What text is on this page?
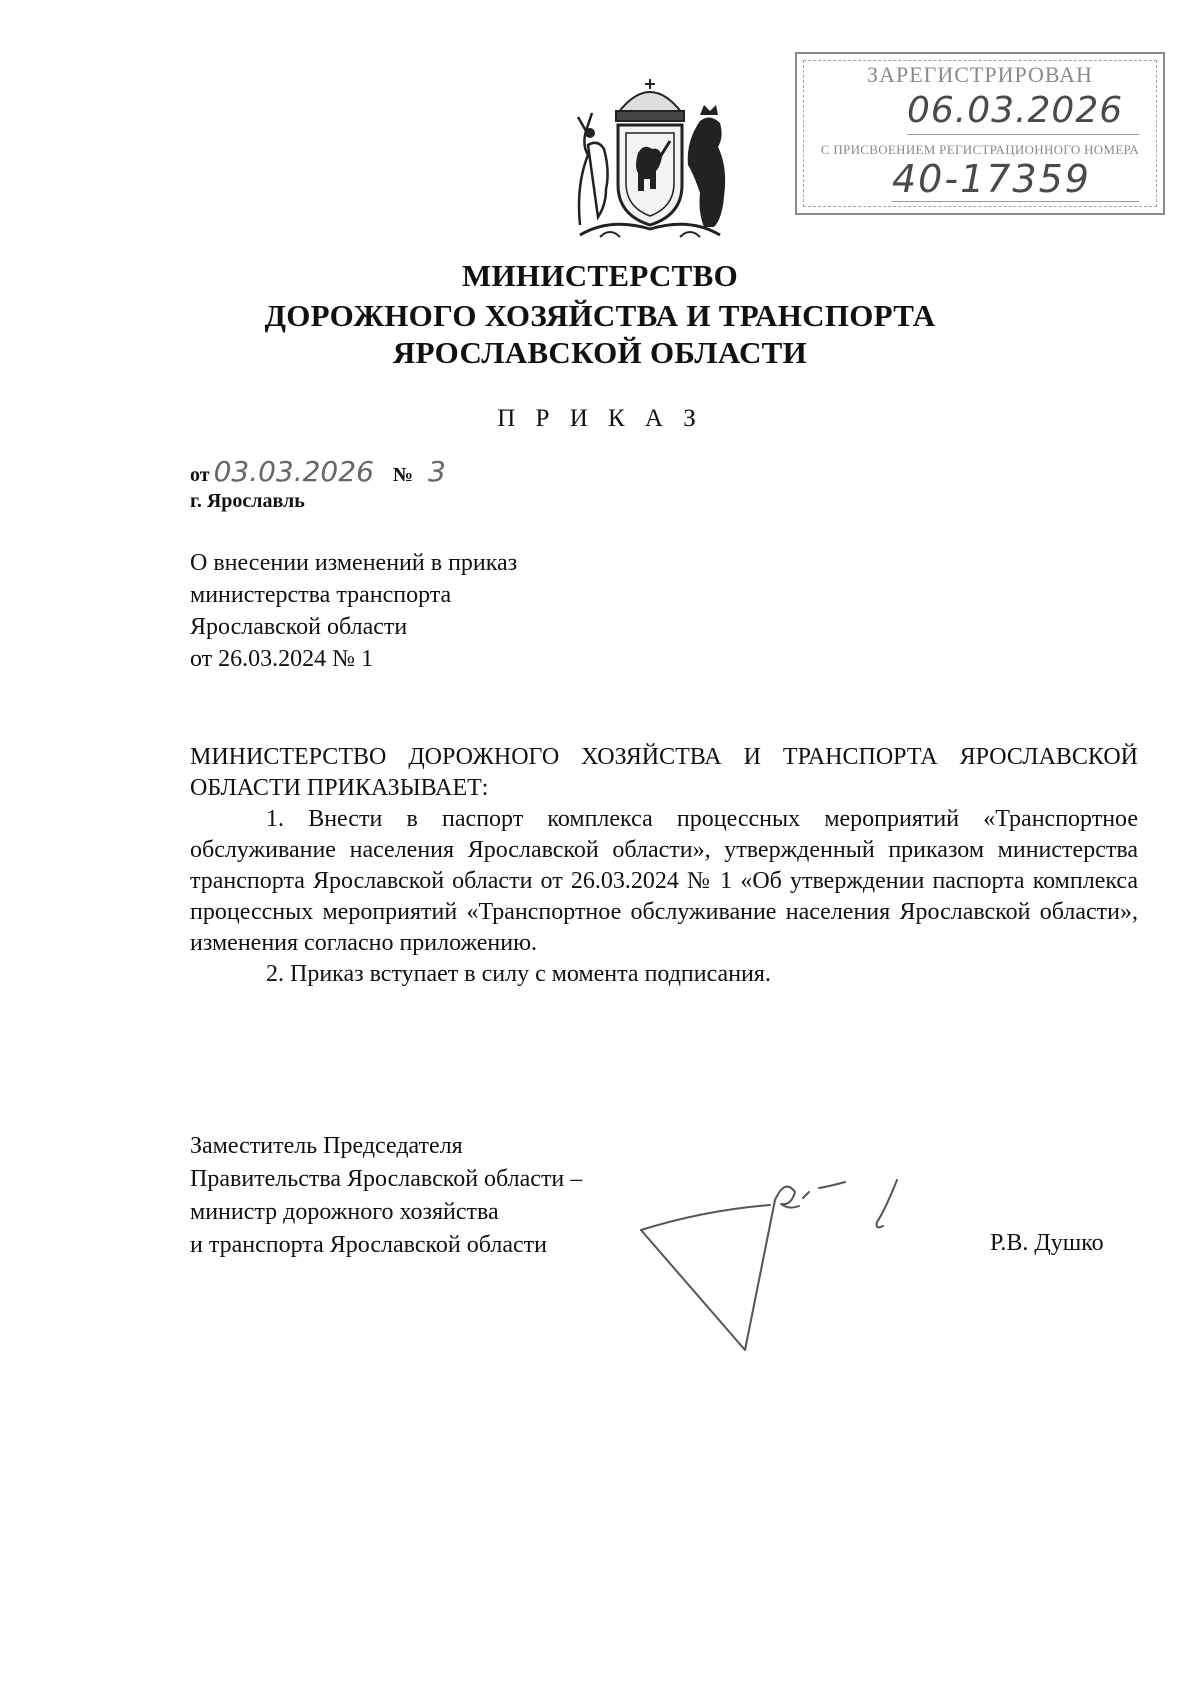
ЗАРЕГИСТРИРОВАН
06.03.2026
С ПРИСВОЕНИЕМ РЕГИСТРАЦИОННОГО НОМЕРА
40-17359
МИНИСТЕРСТВО
ДОРОЖНОГО ХОЗЯЙСТВА И ТРАНСПОРТА
ЯРОСЛАВСКОЙ ОБЛАСТИ
П Р И К А З
от 03.03.2026 № 3
г. Ярославль
О внесении изменений в приказ
министерства транспорта
Ярославской области
от 26.03.2024 № 1

МИНИСТЕРСТВО ДОРОЖНОГО ХОЗЯЙСТВА И ТРАНСПОРТА ЯРОСЛАВСКОЙ ОБЛАСТИ ПРИКАЗЫВАЕТ:

1. Внести в паспорт комплекса процессных мероприятий «Транспортное обслуживание населения Ярославской области», утвержденный приказом министерства транспорта Ярославской области от 26.03.2024 № 1 «Об утверждении паспорта комплекса процессных мероприятий «Транспортное обслуживание населения Ярославской области», изменения согласно приложению.

2. Приказ вступает в силу с момента подписания.

Заместитель Председателя
Правительства Ярославской области –
министр дорожного хозяйства
и транспорта Ярославской области	Р.В. Душко
